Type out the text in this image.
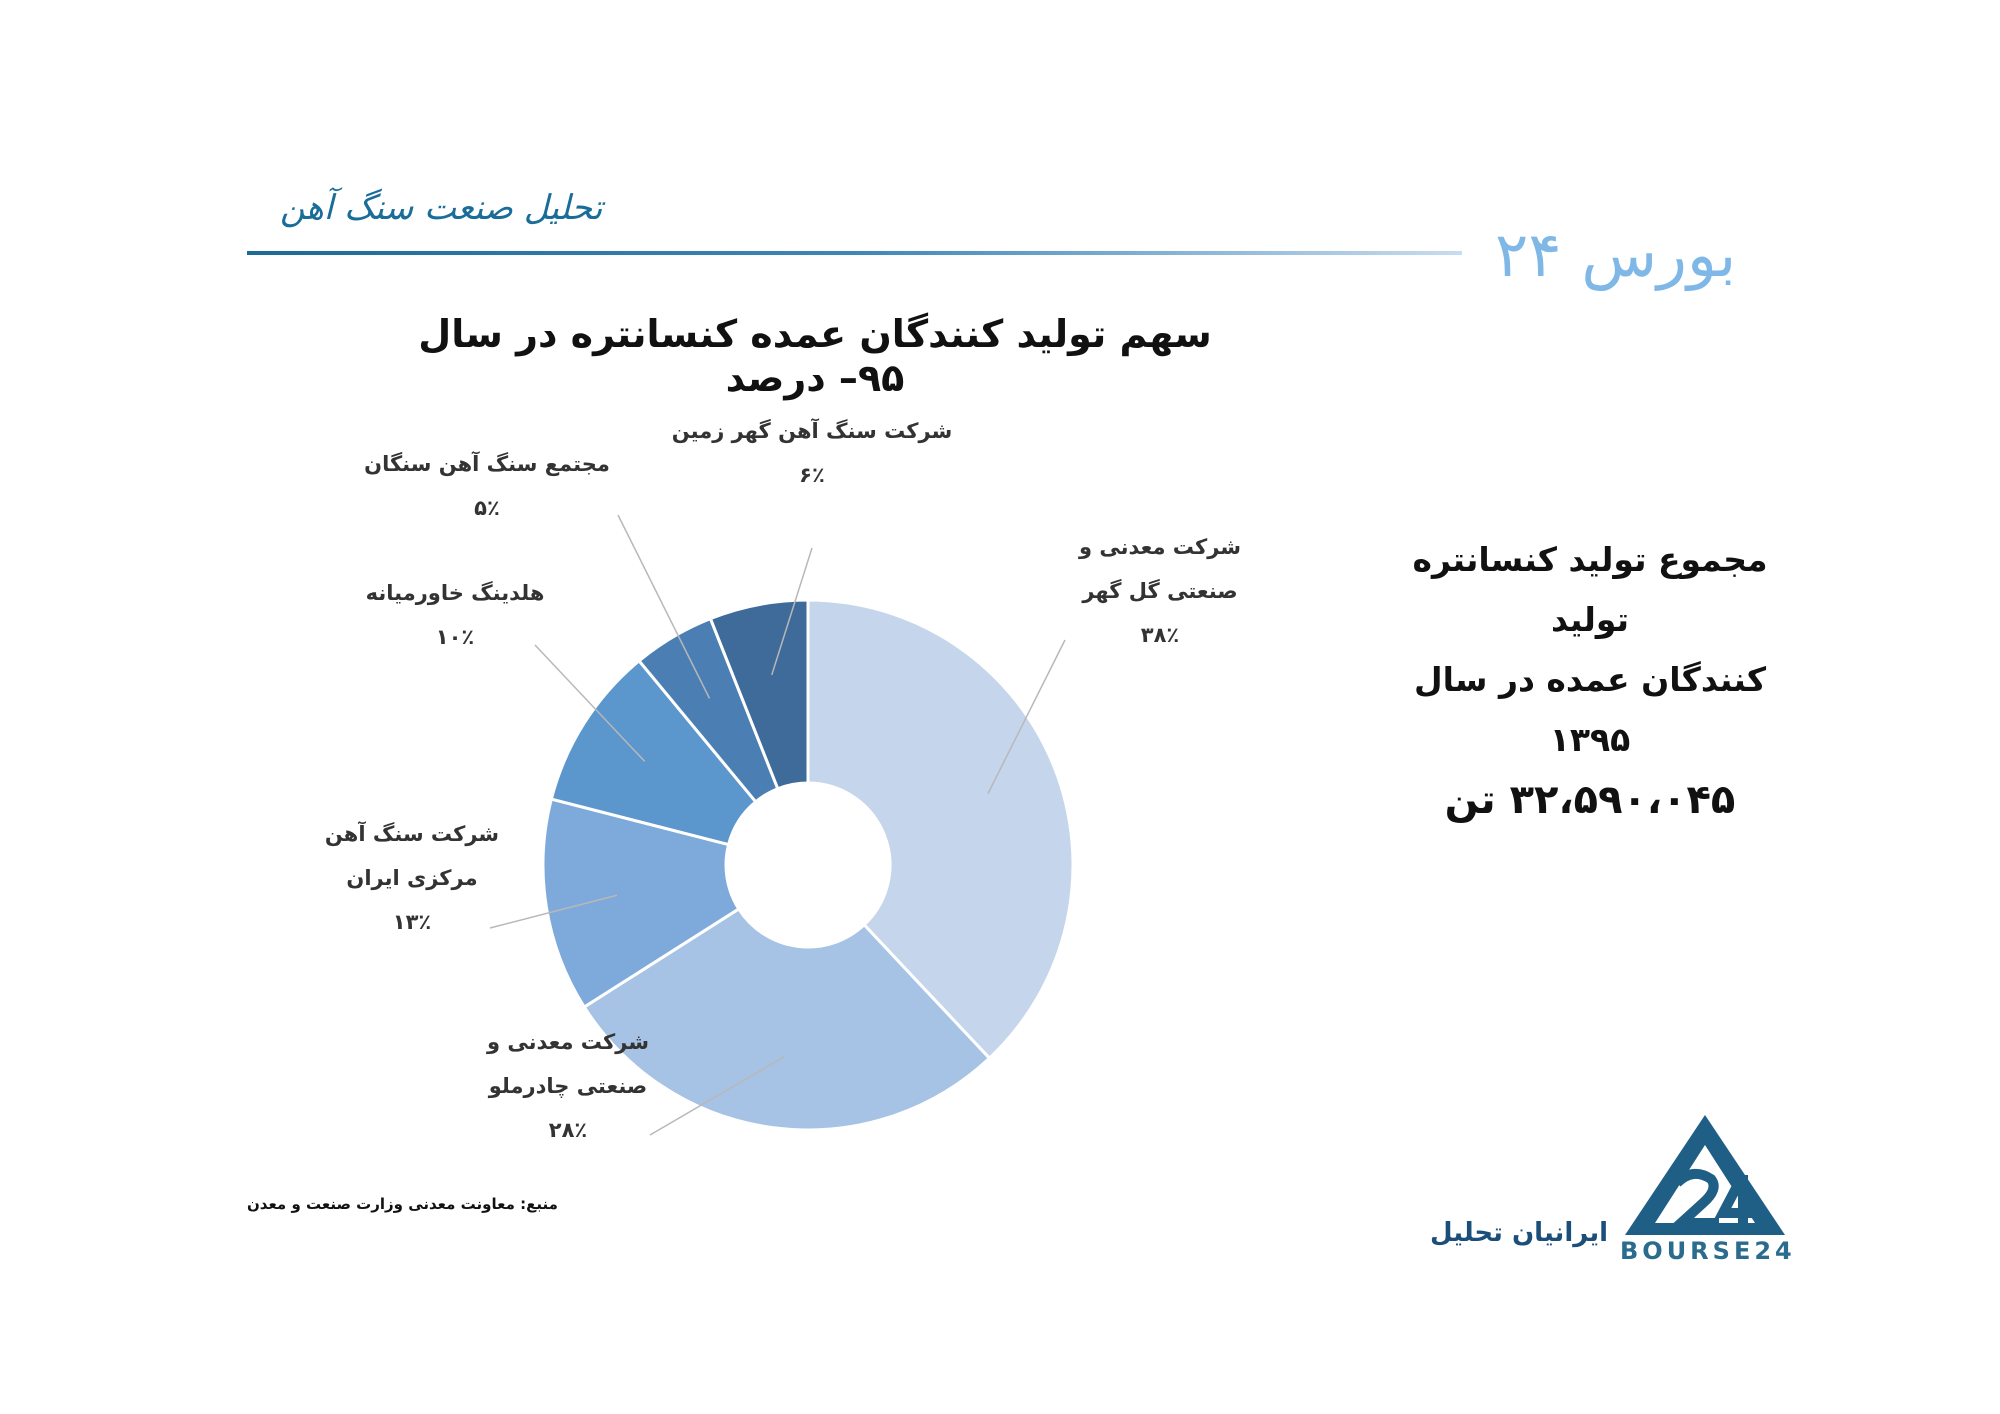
تحلیل صنعت سنگ آهن
بورس ۲۴
سهم تولید کنندگان عمده کنسانتره در سال ۹۵– درصد
شرکت معدنی و صنعتی گل گهر ۳۸٪
شرکت معدنی و صنعتی چادرملو ۲۸٪
شرکت سنگ آهن مرکزی ایران ۱۳٪
هلدینگ خاورمیانه ۱۰٪
مجتمع سنگ آهن سنگان ۵٪
شرکت سنگ آهن گهر زمین ۶٪
مجموع تولید کنسانتره تولید
کنندگان عمده در سال ۱۳۹۵
۳۲،۵۹۰،۰۴۵ تن
منبع: معاونت معدنی وزارت صنعت و معدن
ایرانیان تحلیل
BOURSE24
